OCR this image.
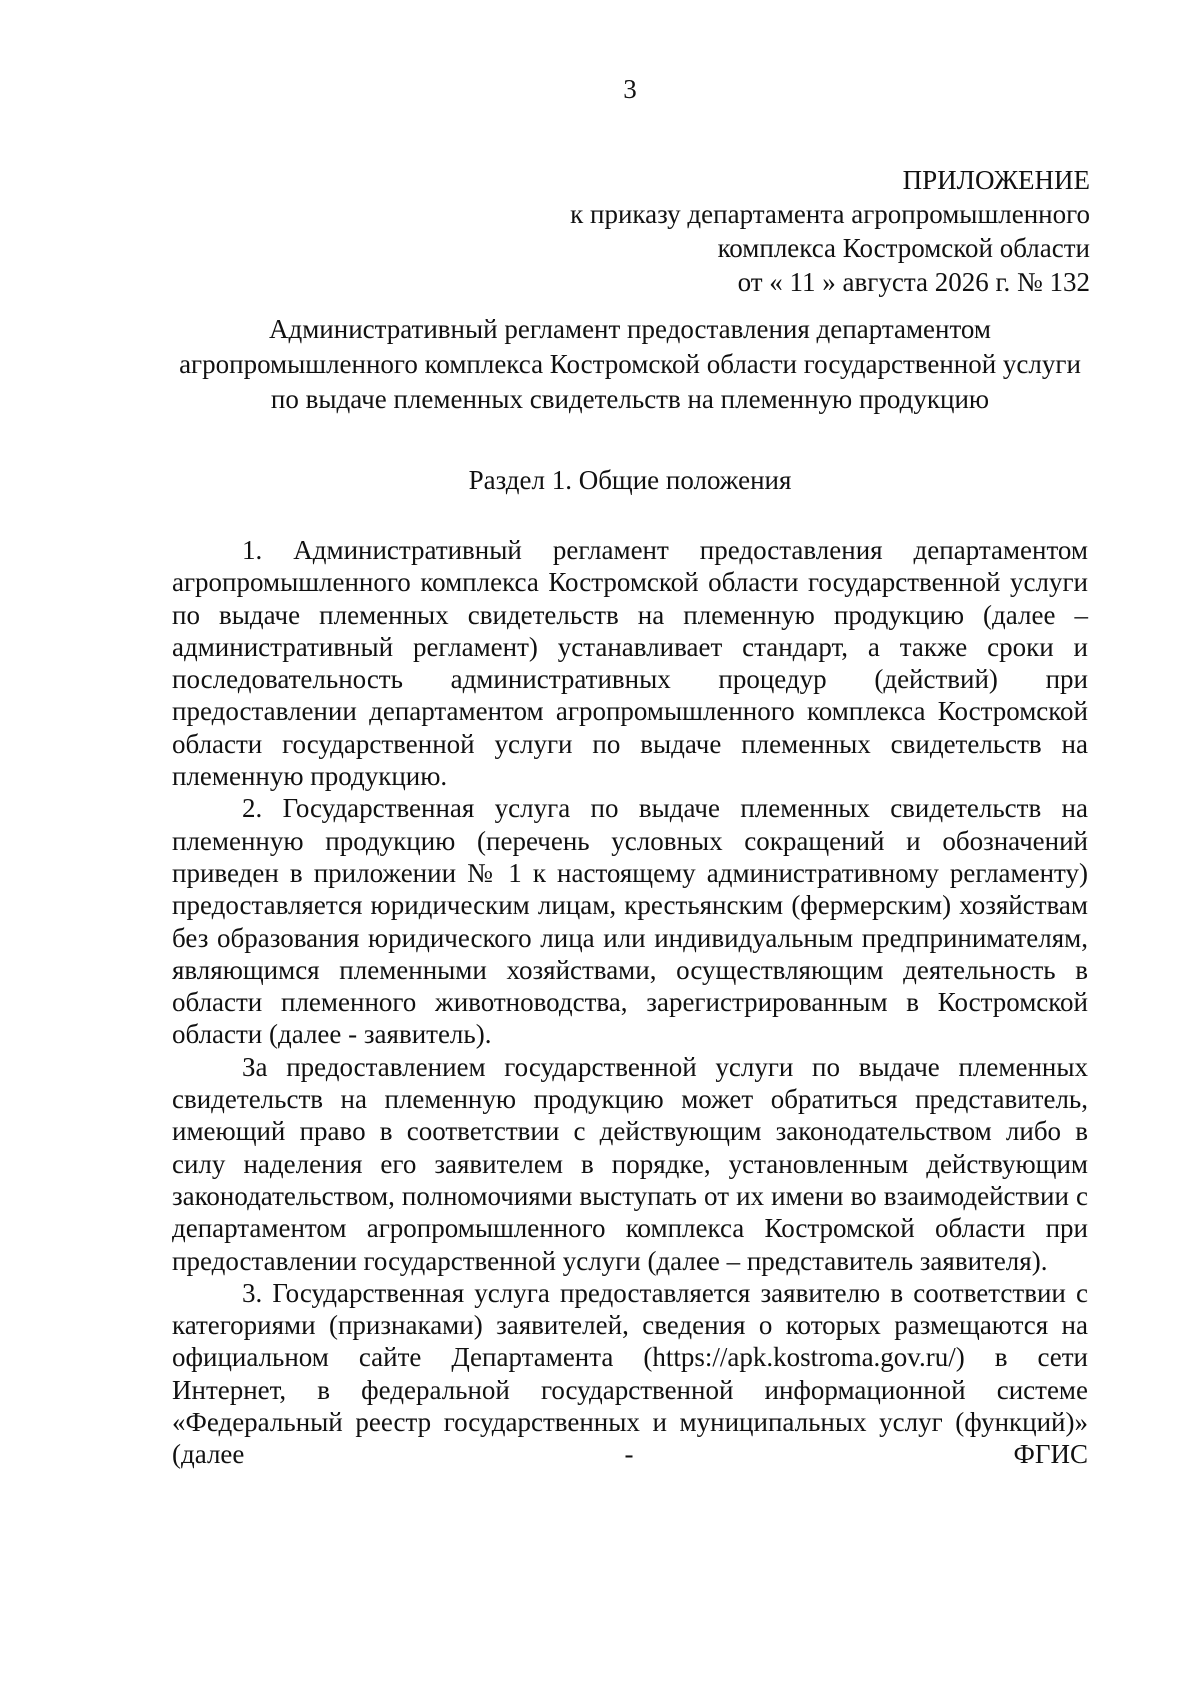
3
ПРИЛОЖЕНИЕ
к приказу департамента агропромышленного
комплекса Костромской области
от « 11 » августа 2026 г. № 132
Административный регламент предоставления департаментом агропромышленного комплекса Костромской области государственной услуги по выдаче племенных свидетельств на племенную продукцию
Раздел 1. Общие положения

1. Административный регламент предоставления департаментом агропромышленного комплекса Костромской области государственной услуги по выдаче племенных свидетельств на племенную продукцию (далее – административный регламент) устанавливает стандарт, а также сроки и последовательность административных процедур (действий) при предоставлении департаментом агропромышленного комплекса Костромской области государственной услуги по выдаче племенных свидетельств на племенную продукцию.

2. Государственная услуга по выдаче племенных свидетельств на племенную продукцию (перечень условных сокращений и обозначений приведен в приложении № 1 к настоящему административному регламенту) предоставляется юридическим лицам, крестьянским (фермерским) хозяйствам без образования юридического лица или индивидуальным предпринимателям, являющимся племенными хозяйствами, осуществляющим деятельность в области племенного животноводства, зарегистрированным в Костромской области (далее - заявитель).

За предоставлением государственной услуги по выдаче племенных свидетельств на племенную продукцию может обратиться представитель, имеющий право в соответствии с действующим законодательством либо в силу наделения его заявителем в порядке, установленным действующим законодательством, полномочиями выступать от их имени во взаимодействии с департаментом агропромышленного комплекса Костромской области при предоставлении государственной услуги (далее – представитель заявителя).

3. Государственная услуга предоставляется заявителю в соответствии с категориями (признаками) заявителей, сведения о которых размещаются на официальном сайте Департамента (https://apk.kostroma.gov.ru/) в сети Интернет, в федеральной государственной информационной системе «Федеральный реестр государственных и муниципальных услуг (функций)» (далее - ФГИС
